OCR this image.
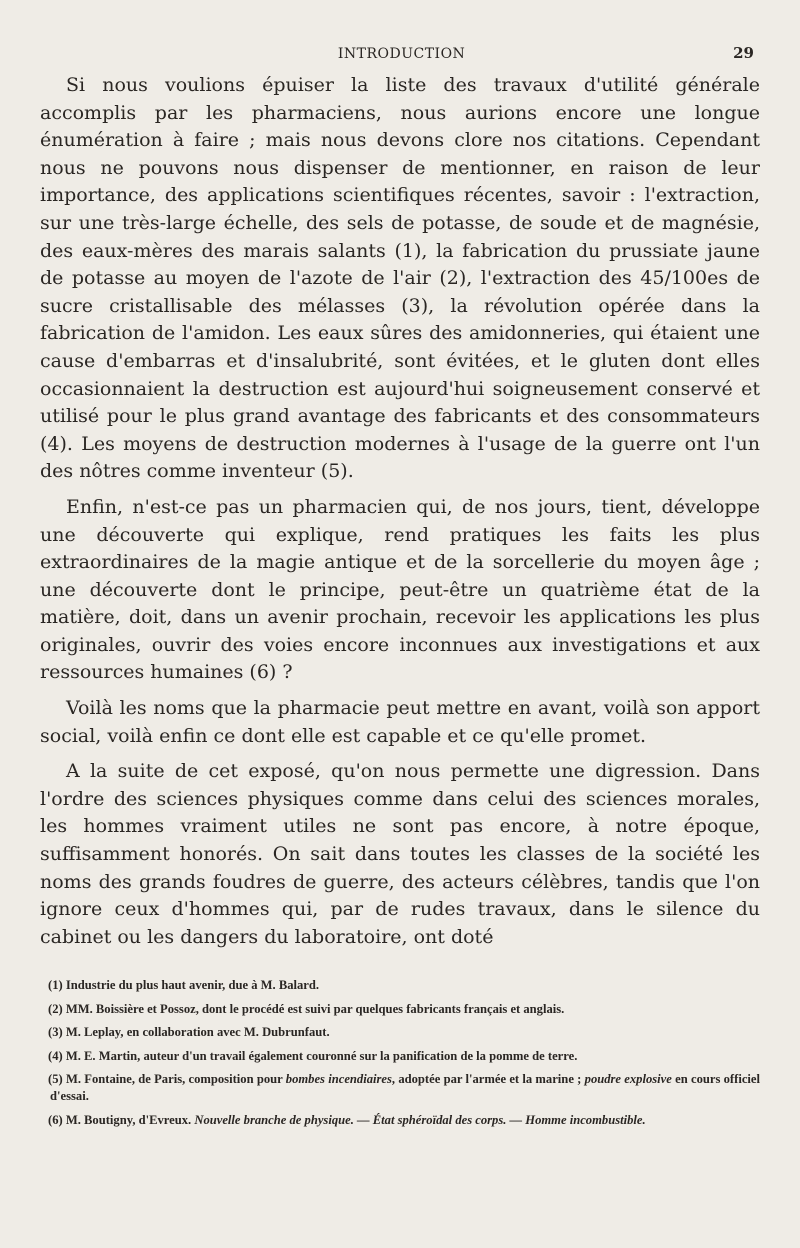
INTRODUCTION	29

Si nous voulions épuiser la liste des travaux d'utilité générale accomplis par les pharmaciens, nous aurions encore une longue énumération à faire ; mais nous devons clore nos citations. Cependant nous ne pouvons nous dispenser de mentionner, en raison de leur importance, des applications scientifiques récentes, savoir : l'extraction, sur une très-large échelle, des sels de potasse, de soude et de magnésie, des eaux-mères des marais salants (1), la fabrication du prussiate jaune de potasse au moyen de l'azote de l'air (2), l'extraction des 45/100es de sucre cristallisable des mélasses (3), la révolution opérée dans la fabrication de l'amidon. Les eaux sûres des amidonneries, qui étaient une cause d'embarras et d'insalubrité, sont évitées, et le gluten dont elles occasionnaient la destruction est aujourd'hui soigneusement conservé et utilisé pour le plus grand avantage des fabricants et des consommateurs (4). Les moyens de destruction modernes à l'usage de la guerre ont l'un des nôtres comme inventeur (5).

Enfin, n'est-ce pas un pharmacien qui, de nos jours, tient, développe une découverte qui explique, rend pratiques les faits les plus extraordinaires de la magie antique et de la sorcellerie du moyen âge ; une découverte dont le principe, peut-être un quatrième état de la matière, doit, dans un avenir prochain, recevoir les applications les plus originales, ouvrir des voies encore inconnues aux investigations et aux ressources humaines (6) ?

Voilà les noms que la pharmacie peut mettre en avant, voilà son apport social, voilà enfin ce dont elle est capable et ce qu'elle promet.

A la suite de cet exposé, qu'on nous permette une digression. Dans l'ordre des sciences physiques comme dans celui des sciences morales, les hommes vraiment utiles ne sont pas encore, à notre époque, suffisamment honorés. On sait dans toutes les classes de la société les noms des grands foudres de guerre, des acteurs célèbres, tandis que l'on ignore ceux d'hommes qui, par de rudes travaux, dans le silence du cabinet ou les dangers du laboratoire, ont doté

(1) Industrie du plus haut avenir, due à M. Balard.

(2) MM. Boissière et Possoz, dont le procédé est suivi par quelques fabricants français et anglais.

(3) M. Leplay, en collaboration avec M. Dubrunfaut.

(4) M. E. Martin, auteur d'un travail également couronné sur la panification de la pomme de terre.

(5) M. Fontaine, de Paris, composition pour bombes incendiaires, adoptée par l'armée et la marine ; poudre explosive en cours officiel d'essai.

(6) M. Boutigny, d'Evreux. Nouvelle branche de physique. — État sphéroïdal des corps. — Homme incombustible.
